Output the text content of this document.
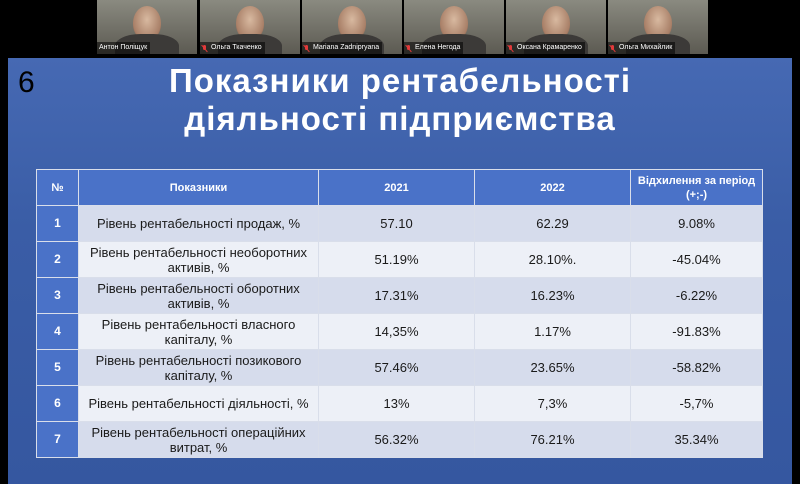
Антон Поліщук	Ольга Ткаченко	Mariana Zadnipryana	Елена Негода	Оксана Крамаренко	Ольга Михайлик
6	Показники рентабельності
діяльності підприємства
№	Показники	2021	2022	Відхилення за період (+;-)
1	Рівень рентабельності продаж, %	57.10	62.29	9.08%
2	Рівень рентабельності необоротних активів, %	51.19%	28.10%.	-45.04%
3	Рівень рентабельності оборотних активів, %	17.31%	16.23%	-6.22%
4	Рівень рентабельності власного капіталу, %	14,35%	1.17%	-91.83%
5	Рівень рентабельності позикового капіталу, %	57.46%	23.65%	-58.82%
6	Рівень рентабельності діяльності, %	13%	7,3%	-5,7%
7	Рівень рентабельності операційних витрат, %	56.32%	76.21%	35.34%
